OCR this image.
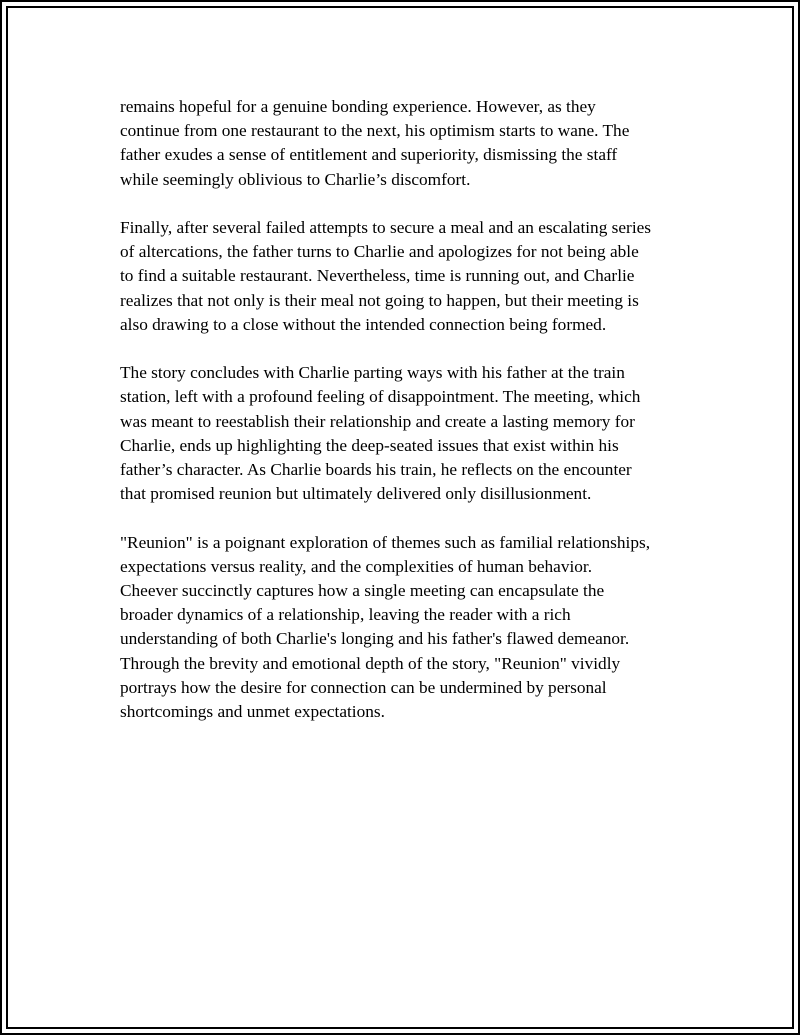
remains hopeful for a genuine bonding experience. However, as they
continue from one restaurant to the next, his optimism starts to wane. The
father exudes a sense of entitlement and superiority, dismissing the staff
while seemingly oblivious to Charlie’s discomfort.

Finally, after several failed attempts to secure a meal and an escalating series
of altercations, the father turns to Charlie and apologizes for not being able
to find a suitable restaurant. Nevertheless, time is running out, and Charlie
realizes that not only is their meal not going to happen, but their meeting is
also drawing to a close without the intended connection being formed.

The story concludes with Charlie parting ways with his father at the train
station, left with a profound feeling of disappointment. The meeting, which
was meant to reestablish their relationship and create a lasting memory for
Charlie, ends up highlighting the deep-seated issues that exist within his
father’s character. As Charlie boards his train, he reflects on the encounter
that promised reunion but ultimately delivered only disillusionment.

"Reunion" is a poignant exploration of themes such as familial relationships,
expectations versus reality, and the complexities of human behavior.
Cheever succinctly captures how a single meeting can encapsulate the
broader dynamics of a relationship, leaving the reader with a rich
understanding of both Charlie's longing and his father's flawed demeanor.
Through the brevity and emotional depth of the story, "Reunion" vividly
portrays how the desire for connection can be undermined by personal
shortcomings and unmet expectations.
